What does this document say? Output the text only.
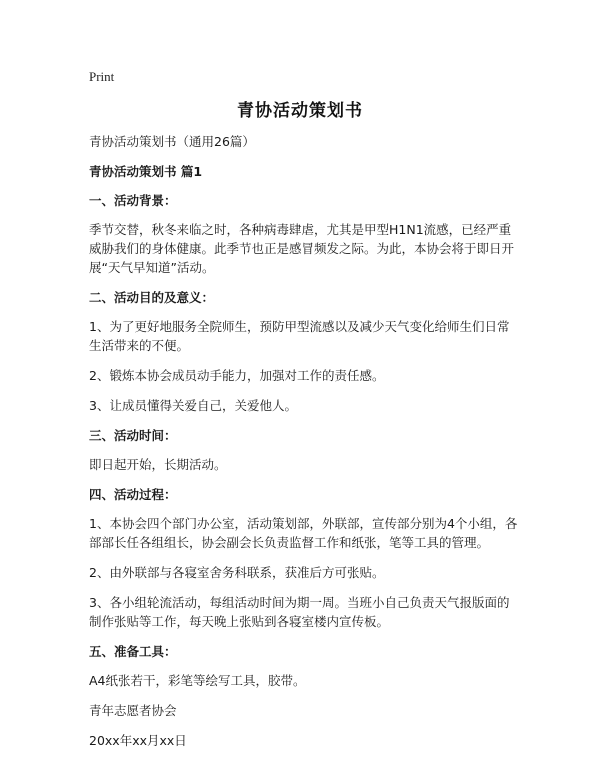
Print
青协活动策划书

青协活动策划书（通用26篇）

青协活动策划书 篇1

一、活动背景：

季节交替，秋冬来临之时，各种病毒肆虐，尤其是甲型H1N1流感，已经严重威胁我们的身体健康。此季节也正是感冒频发之际。为此，本协会将于即日开展“天气早知道”活动。

二、活动目的及意义：

1、为了更好地服务全院师生，预防甲型流感以及减少天气变化给师生们日常生活带来的不便。

2、锻炼本协会成员动手能力，加强对工作的责任感。

3、让成员懂得关爱自己，关爱他人。

三、活动时间：

即日起开始，长期活动。

四、活动过程：

1、本协会四个部门办公室，活动策划部，外联部，宣传部分别为4个小组，各部部长任各组组长，协会副会长负责监督工作和纸张，笔等工具的管理。

2、由外联部与各寝室舍务科联系，获准后方可张贴。

3、各小组轮流活动，每组活动时间为期一周。当班小自己负责天气报版面的制作张贴等工作，每天晚上张贴到各寝室楼内宣传板。

五、准备工具：

A4纸张若干，彩笔等绘写工具，胶带。

青年志愿者协会

20xx年xx月xx日
